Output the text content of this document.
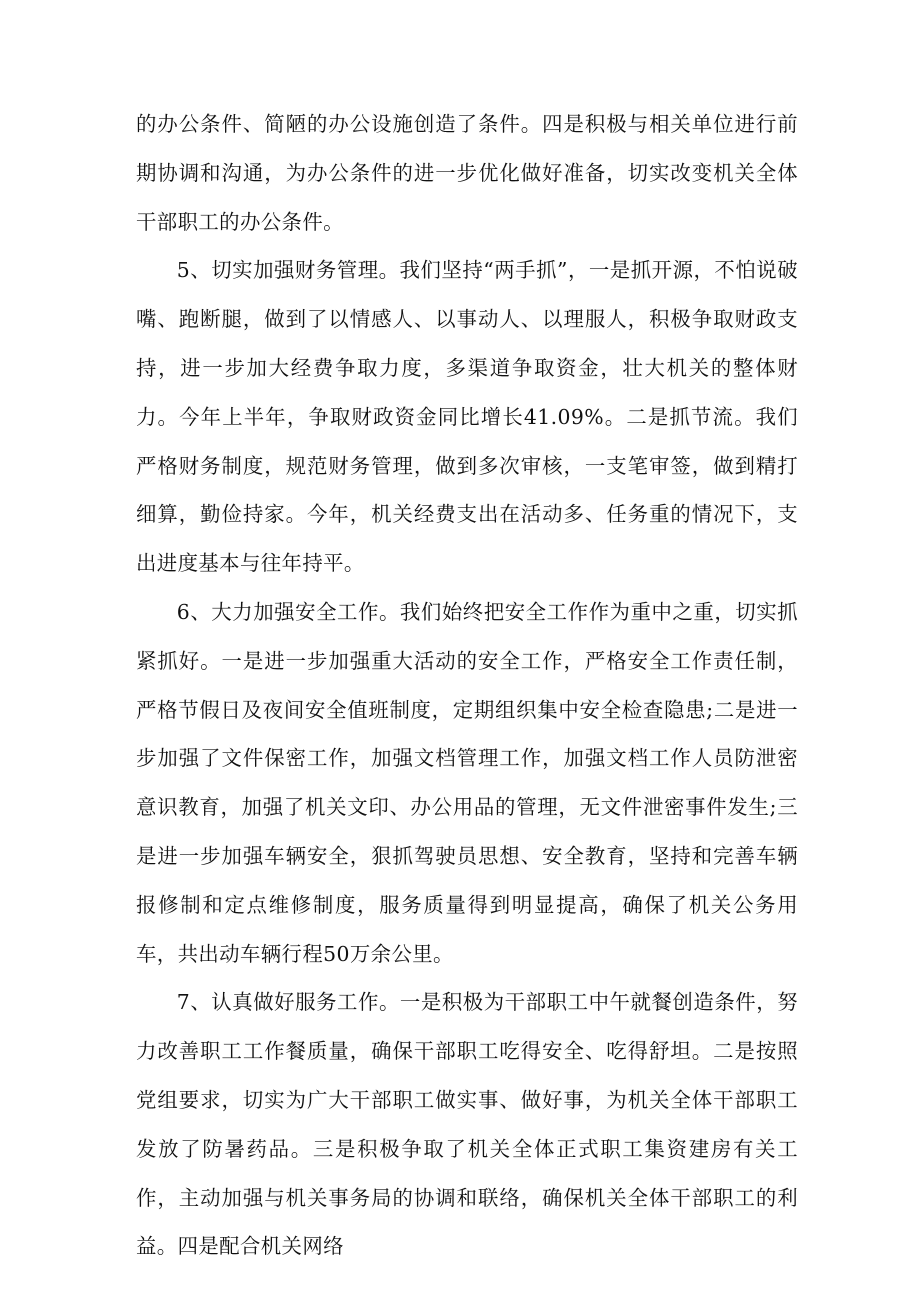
的办公条件、简陋的办公设施创造了条件。四是积极与相关单位进行前期协调和沟通，为办公条件的进一步优化做好准备，切实改变机关全体干部职工的办公条件。

5、切实加强财务管理。我们坚持“两手抓”，一是抓开源，不怕说破嘴、跑断腿，做到了以情感人、以事动人、以理服人，积极争取财政支持，进一步加大经费争取力度，多渠道争取资金，壮大机关的整体财力。今年上半年，争取财政资金同比增长41.09%。二是抓节流。我们严格财务制度，规范财务管理，做到多次审核，一支笔审签，做到精打细算，勤俭持家。今年，机关经费支出在活动多、任务重的情况下，支出进度基本与往年持平。

6、大力加强安全工作。我们始终把安全工作作为重中之重，切实抓紧抓好。一是进一步加强重大活动的安全工作，严格安全工作责任制，严格节假日及夜间安全值班制度，定期组织集中安全检查隐患;二是进一步加强了文件保密工作，加强文档管理工作，加强文档工作人员防泄密意识教育，加强了机关文印、办公用品的管理，无文件泄密事件发生;三是进一步加强车辆安全，狠抓驾驶员思想、安全教育，坚持和完善车辆报修制和定点维修制度，服务质量得到明显提高，确保了机关公务用车，共出动车辆行程50万余公里。

7、认真做好服务工作。一是积极为干部职工中午就餐创造条件，努力改善职工工作餐质量，确保干部职工吃得安全、吃得舒坦。二是按照党组要求，切实为广大干部职工做实事、做好事，为机关全体干部职工发放了防暑药品。三是积极争取了机关全体正式职工集资建房有关工作，主动加强与机关事务局的协调和联络，确保机关全体干部职工的利益。四是配合机关网络
